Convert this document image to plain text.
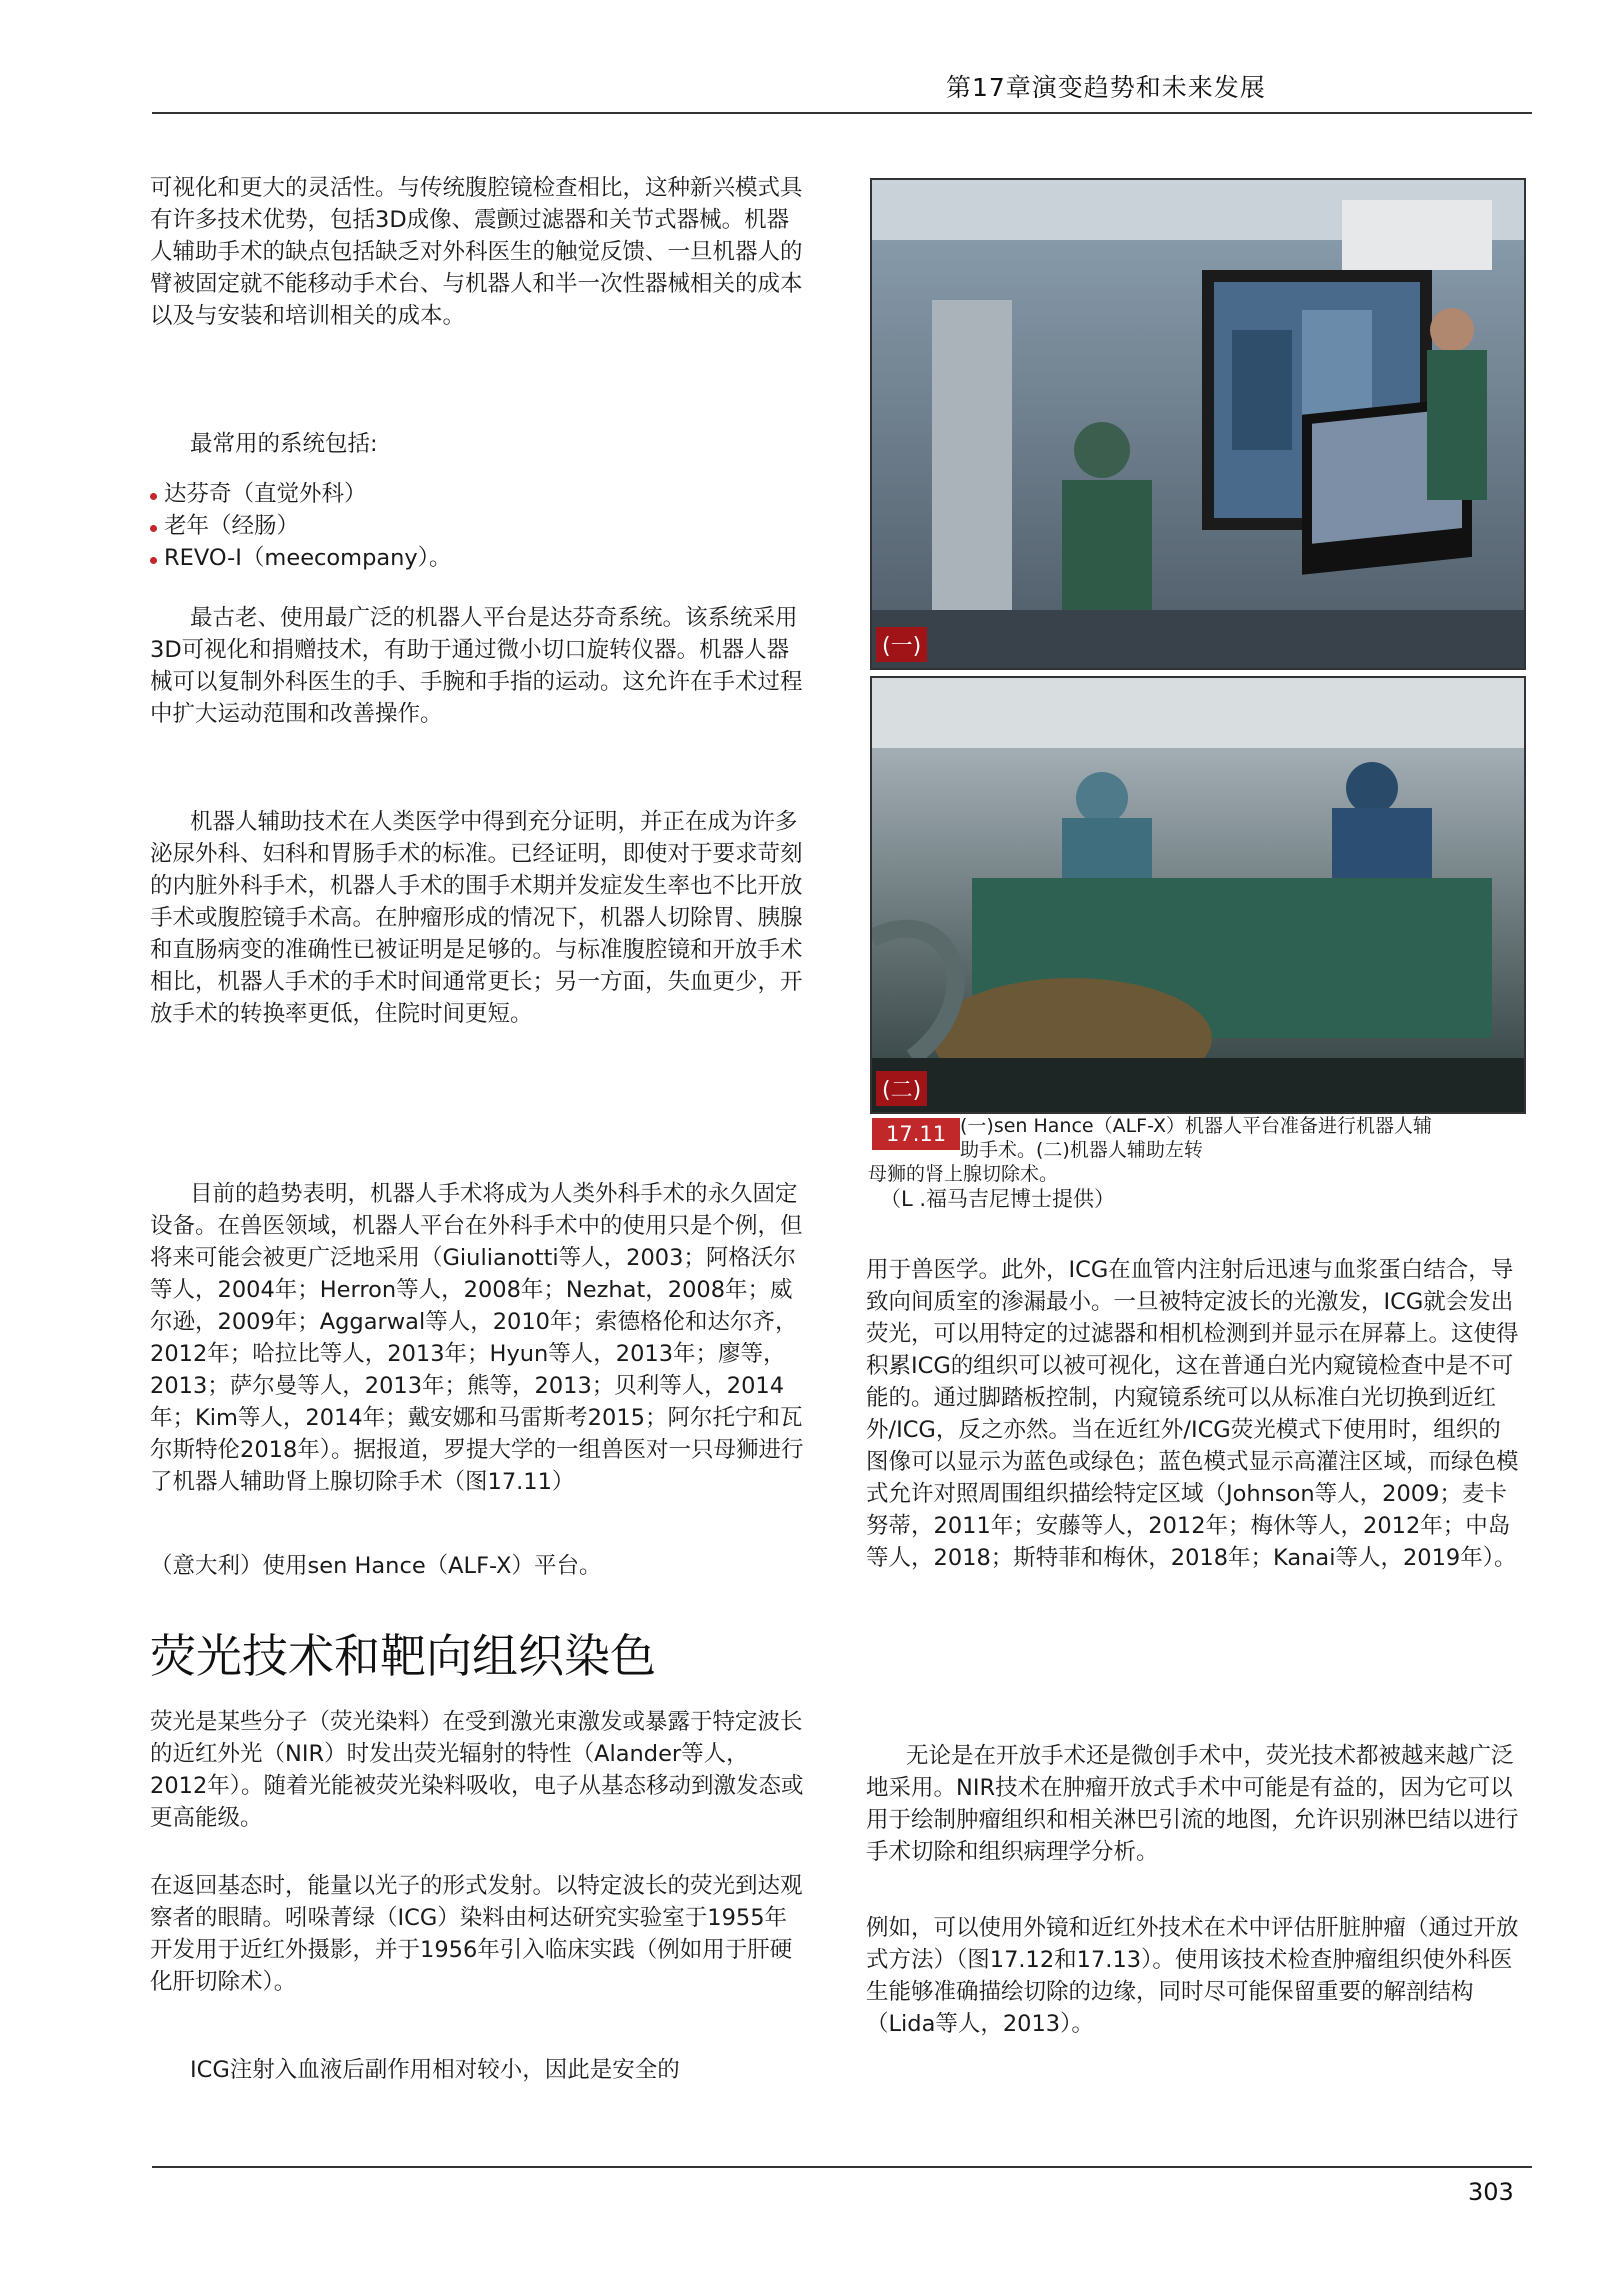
第17章演变趋势和未来发展

可视化和更大的灵活性。与传统腹腔镜检查相比，这种新兴模式具有许多技术优势，包括3D成像、震颤过滤器和关节式器械。机器人辅助手术的缺点包括缺乏对外科医生的触觉反馈、一旦机器人的臂被固定就不能移动手术台、与机器人和半一次性器械相关的成本以及与安装和培训相关的成本。

最常用的系统包括:

达芬奇（直觉外科）
老年（经肠）
REVO-I（meecompany）。

最古老、使用最广泛的机器人平台是达芬奇系统。该系统采用3D可视化和捐赠技术，有助于通过微小切口旋转仪器。机器人器械可以复制外科医生的手、手腕和手指的运动。这允许在手术过程中扩大运动范围和改善操作。

机器人辅助技术在人类医学中得到充分证明，并正在成为许多泌尿外科、妇科和胃肠手术的标准。已经证明，即使对于要求苛刻的内脏外科手术，机器人手术的围手术期并发症发生率也不比开放手术或腹腔镜手术高。在肿瘤形成的情况下，机器人切除胃、胰腺和直肠病变的准确性已被证明是足够的。与标准腹腔镜和开放手术相比，机器人手术的手术时间通常更长；另一方面，失血更少，开放手术的转换率更低，住院时间更短。

目前的趋势表明，机器人手术将成为人类外科手术的永久固定设备。在兽医领域，机器人平台在外科手术中的使用只是个例，但将来可能会被更广泛地采用（Giulianotti等人，2003；阿格沃尔等人，2004年；Herron等人，2008年；Nezhat，2008年；威尔逊，2009年；Aggarwal等人，2010年；索德格伦和达尔齐，2012年；哈拉比等人，2013年；Hyun等人，2013年；廖等，2013；萨尔曼等人，2013年；熊等，2013；贝利等人，2014年；Kim等人，2014年；戴安娜和马雷斯考2015；阿尔托宁和瓦尔斯特伦2018年）。据报道，罗提大学的一组兽医对一只母狮进行了机器人辅助肾上腺切除手术（图17.11）

（意大利）使用sen Hance（ALF-X）平台。

荧光技术和靶向组织染色

荧光是某些分子（荧光染料）在受到激光束激发或暴露于特定波长的近红外光（NIR）时发出荧光辐射的特性（Alander等人，2012年）。随着光能被荧光染料吸收，电子从基态移动到激发态或更高能级。

在返回基态时，能量以光子的形式发射。以特定波长的荧光到达观察者的眼睛。吲哚菁绿（ICG）染料由柯达研究实验室于1955年开发用于近红外摄影，并于1956年引入临床实践（例如用于肝硬化肝切除术）。

ICG注射入血液后副作用相对较小，因此是安全的

(一)
(二)
17.11 (一)sen Hance（ALF-X）机器人平台准备进行机器人辅助手术。(二)机器人辅助左转
母狮的肾上腺切除术。
（L .福马吉尼博士提供）

用于兽医学。此外，ICG在血管内注射后迅速与血浆蛋白结合，导致向间质室的渗漏最小。一旦被特定波长的光激发，ICG就会发出荧光，可以用特定的过滤器和相机检测到并显示在屏幕上。这使得积累ICG的组织可以被可视化，这在普通白光内窥镜检查中是不可能的。通过脚踏板控制，内窥镜系统可以从标准白光切换到近红外/ICG，反之亦然。当在近红外/ICG荧光模式下使用时，组织的图像可以显示为蓝色或绿色；蓝色模式显示高灌注区域，而绿色模式允许对照周围组织描绘特定区域（Johnson等人，2009；麦卡努蒂，2011年；安藤等人，2012年；梅休等人，2012年；中岛等人，2018；斯特菲和梅休，2018年；Kanai等人，2019年）。

无论是在开放手术还是微创手术中，荧光技术都被越来越广泛地采用。NIR技术在肿瘤开放式手术中可能是有益的，因为它可以用于绘制肿瘤组织和相关淋巴引流的地图，允许识别淋巴结以进行手术切除和组织病理学分析。

例如，可以使用外镜和近红外技术在术中评估肝脏肿瘤（通过开放式方法）（图17.12和17.13）。使用该技术检查肿瘤组织使外科医生能够准确描绘切除的边缘，同时尽可能保留重要的解剖结构（Lida等人，2013）。

303
